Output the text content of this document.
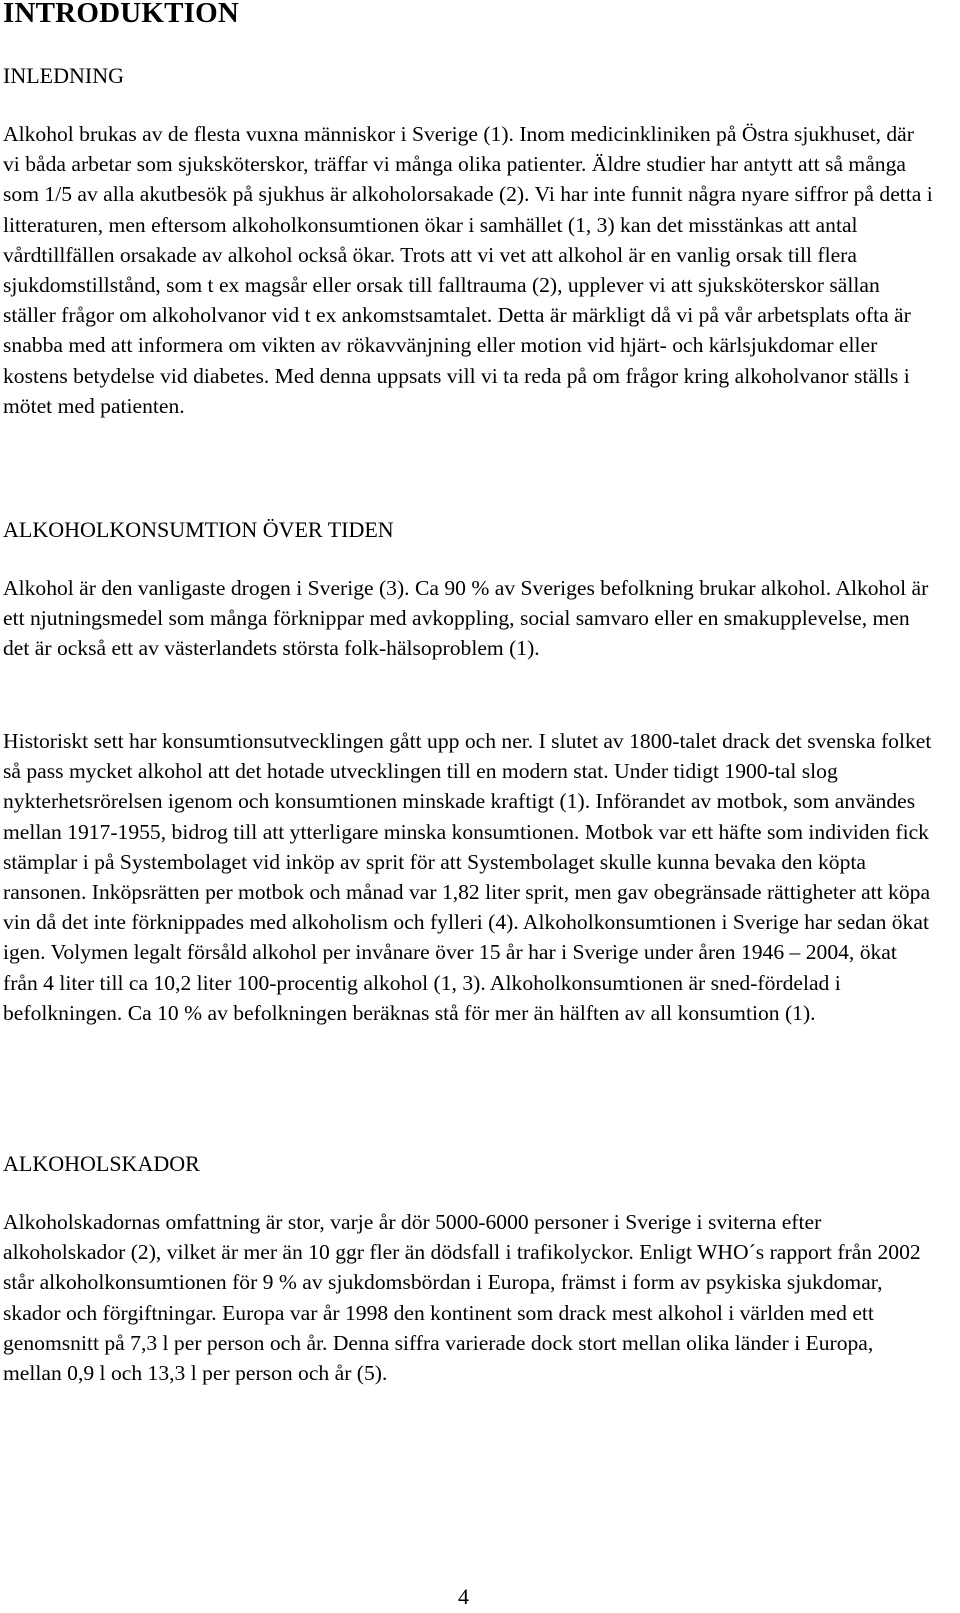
INTRODUKTION
INLEDNING

Alkohol brukas av de flesta vuxna människor i Sverige (1). Inom medicinkliniken på Östra sjukhuset, där vi båda arbetar som sjuksköterskor, träffar vi många olika patienter. Äldre studier har antytt att så många som 1/5 av alla akutbesök på sjukhus är alkoholorsakade (2). Vi har inte funnit några nyare siffror på detta i litteraturen, men eftersom alkoholkonsumtionen ökar i samhället (1, 3) kan det misstänkas att antal vårdtillfällen orsakade av alkohol också ökar. Trots att vi vet att alkohol är en vanlig orsak till flera sjukdomstillstånd, som t ex magsår eller orsak till falltrauma (2), upplever vi att sjuksköterskor sällan ställer frågor om alkoholvanor vid t ex ankomstsamtalet. Detta är märkligt då vi på vår arbetsplats ofta är snabba med att informera om vikten av rökavvänjning eller motion vid hjärt- och kärlsjukdomar eller kostens betydelse vid diabetes. Med denna uppsats vill vi ta reda på om frågor kring alkoholvanor ställs i mötet med patienten.

ALKOHOLKONSUMTION ÖVER TIDEN

Alkohol är den vanligaste drogen i Sverige (3). Ca 90 % av Sveriges befolkning brukar alkohol. Alkohol är ett njutningsmedel som många förknippar med avkoppling, social samvaro eller en smakupplevelse, men det är också ett av västerlandets största folk-hälsoproblem (1).

Historiskt sett har konsumtionsutvecklingen gått upp och ner. I slutet av 1800-talet drack det svenska folket så pass mycket alkohol att det hotade utvecklingen till en modern stat. Under tidigt 1900-tal slog nykterhetsrörelsen igenom och konsumtionen minskade kraftigt (1). Införandet av motbok, som användes mellan 1917-1955, bidrog till att ytterligare minska konsumtionen. Motbok var ett häfte som individen fick stämplar i på Systembolaget vid inköp av sprit för att Systembolaget skulle kunna bevaka den köpta ransonen. Inköpsrätten per motbok och månad var 1,82 liter sprit, men gav obegränsade rättigheter att köpa vin då det inte förknippades med alkoholism och fylleri (4). Alkoholkonsumtionen i Sverige har sedan ökat igen. Volymen legalt försåld alkohol per invånare över 15 år har i Sverige under åren 1946 – 2004, ökat från 4 liter till ca 10,2 liter 100-procentig alkohol (1, 3). Alkoholkonsumtionen är sned-fördelad i befolkningen. Ca 10 % av befolkningen beräknas stå för mer än hälften av all konsumtion (1).

ALKOHOLSKADOR

Alkoholskadornas omfattning är stor, varje år dör 5000-6000 personer i Sverige i sviterna efter alkoholskador (2), vilket är mer än 10 ggr fler än dödsfall i trafikolyckor. Enligt WHO´s rapport från 2002 står alkoholkonsumtionen för 9 % av sjukdomsbördan i Europa, främst i form av psykiska sjukdomar, skador och förgiftningar. Europa var år 1998 den kontinent som drack mest alkohol i världen med ett genomsnitt på 7,3 l per person och år. Denna siffra varierade dock stort mellan olika länder i Europa, mellan 0,9 l och 13,3 l per person och år (5).

4
